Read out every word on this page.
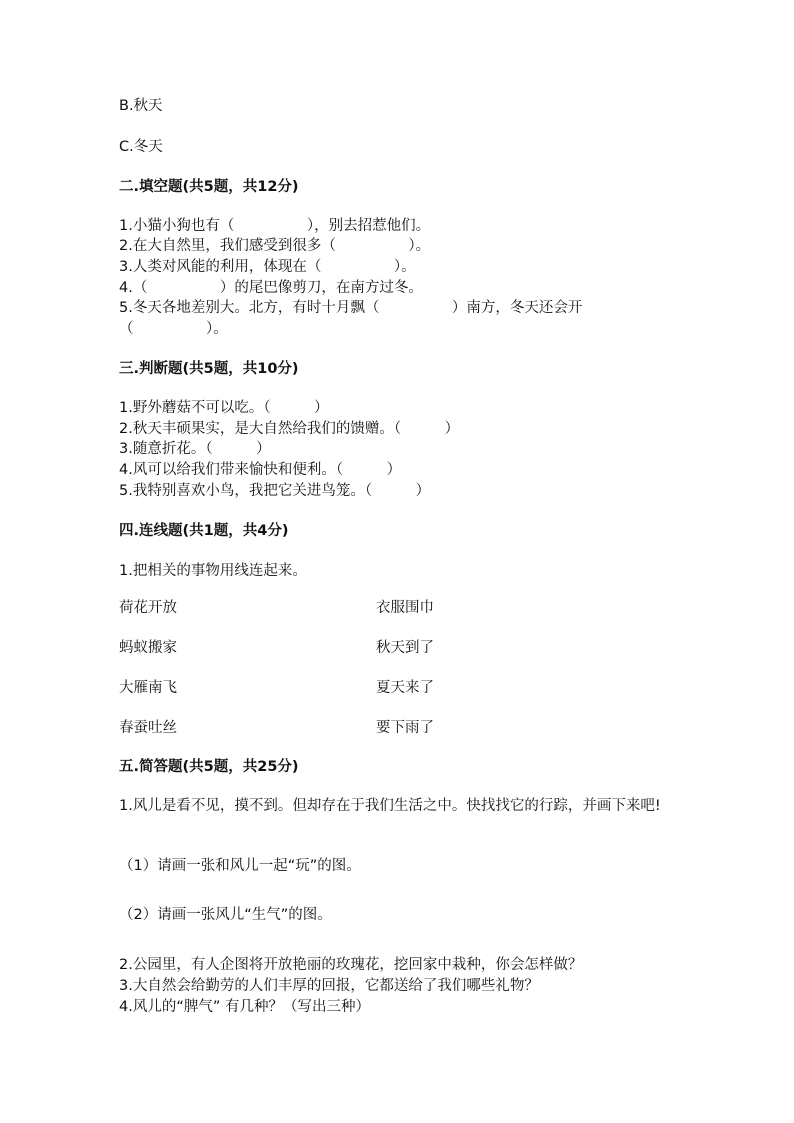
B.秋天
C.冬天
二.填空题(共5题，共12分)
1.小猫小狗也有（　　　　　），别去招惹他们。
2.在大自然里，我们感受到很多（　　　　　）。
3.人类对风能的利用，体现在（　　　　　）。
4.（　　　　　）的尾巴像剪刀，在南方过冬。
5.冬天各地差别大。北方，有时十月飘（　　　　　）南方，冬天还会开
（　　　　　）。
三.判断题(共5题，共10分)
1.野外蘑菇不可以吃。（　　　）
2.秋天丰硕果实，是大自然给我们的馈赠。（　　　）
3.随意折花。（　　　）
4.风可以给我们带来愉快和便利。（　　　）
5.我特别喜欢小鸟，我把它关进鸟笼。（　　　）
四.连线题(共1题，共4分)
1.把相关的事物用线连起来。
荷花开放	衣服围巾
蚂蚁搬家	秋天到了
大雁南飞	夏天来了
春蚕吐丝	要下雨了
五.简答题(共5题，共25分)
1.风儿是看不见，摸不到。但却存在于我们生活之中。快找找它的行踪，并画下来吧!
（1）请画一张和风儿一起“玩”的图。
（2）请画一张风儿“生气”的图。
2.公园里，有人企图将开放艳丽的玫瑰花，挖回家中栽种，你会怎样做？
3.大自然会给勤劳的人们丰厚的回报，它都送给了我们哪些礼物？
4.风儿的“脾气” 有几种？（写出三种）
